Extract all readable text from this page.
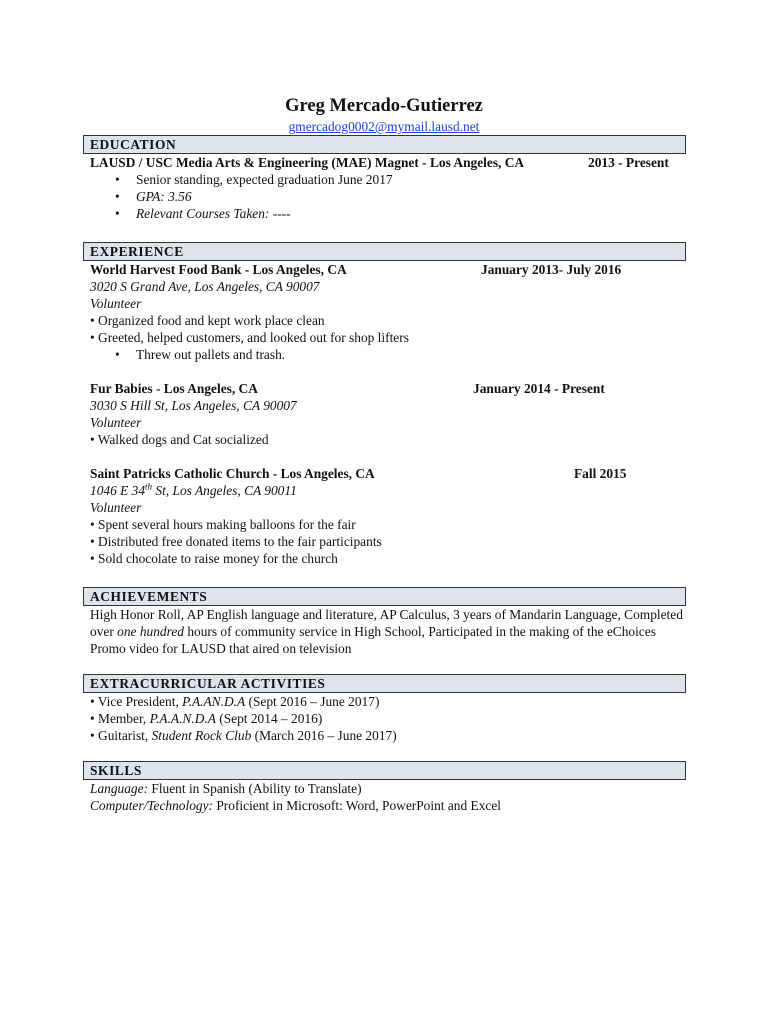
Greg Mercado-Gutierrez
gmercadog0002@mymail.lausd.net
EDUCATION
LAUSD / USC Media Arts & Engineering (MAE) Magnet - Los Angeles, CA	2013 - Present
• Senior standing, expected graduation June 2017
• GPA: 3.56
• Relevant Courses Taken: ----
EXPERIENCE
World Harvest Food Bank - Los Angeles, CA	January 2013- July 2016
3020 S Grand Ave, Los Angeles, CA 90007
Volunteer
• Organized food and kept work place clean
• Greeted, helped customers, and looked out for shop lifters
• Threw out pallets and trash.
Fur Babies - Los Angeles, CA	January 2014 - Present
3030 S Hill St, Los Angeles, CA 90007
Volunteer
• Walked dogs and Cat socialized
Saint Patricks Catholic Church - Los Angeles, CA	Fall 2015
1046 E 34th St, Los Angeles, CA 90011
Volunteer
• Spent several hours making balloons for the fair
• Distributed free donated items to the fair participants
• Sold chocolate to raise money for the church
ACHIEVEMENTS
High Honor Roll, AP English language and literature, AP Calculus, 3 years of Mandarin Language, Completed over one hundred hours of community service in High School, Participated in the making of the eChoices Promo video for LAUSD that aired on television
EXTRACURRICULAR ACTIVITIES
• Vice President, P.A.AN.D.A (Sept 2016 – June 2017)
• Member, P.A.A.N.D.A (Sept 2014 – 2016)
• Guitarist, Student Rock Club (March 2016 – June 2017)
SKILLS
Language: Fluent in Spanish (Ability to Translate)
Computer/Technology: Proficient in Microsoft: Word, PowerPoint and Excel
